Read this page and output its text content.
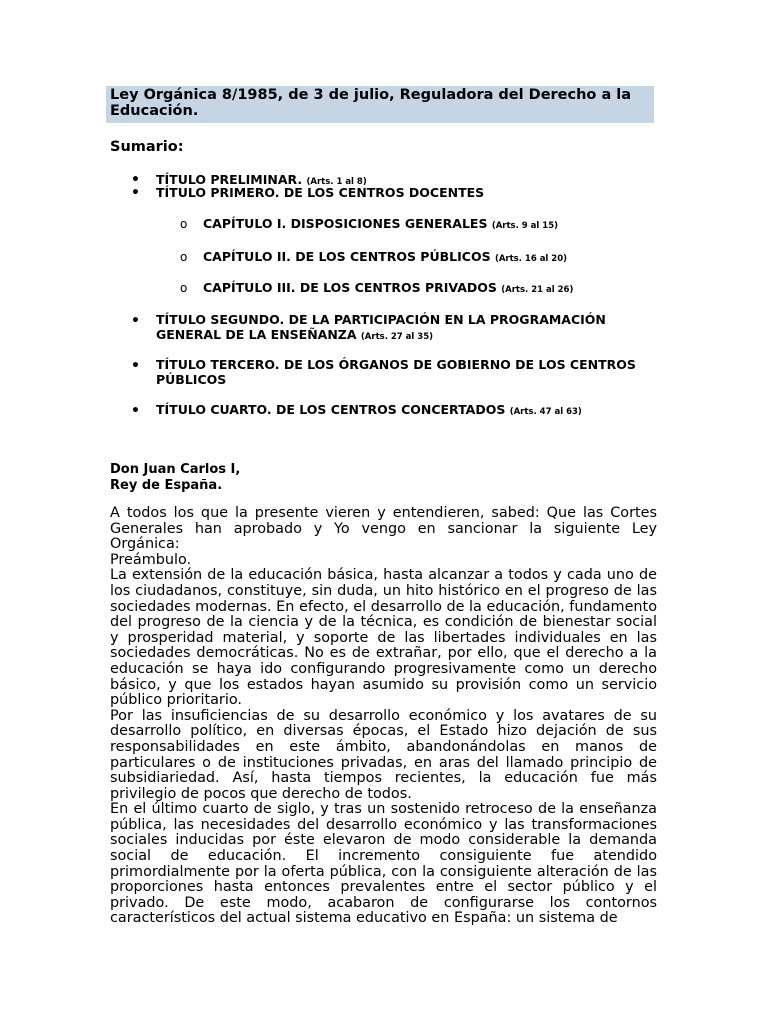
Ley Orgánica 8/1985, de 3 de julio, Reguladora del Derecho a la Educación.
Sumario:
• TÍTULO PRELIMINAR. (Arts. 1 al 8)
• TÍTULO PRIMERO. DE LOS CENTROS DOCENTES
o CAPÍTULO I. DISPOSICIONES GENERALES (Arts. 9 al 15)
o CAPÍTULO II. DE LOS CENTROS PÚBLICOS (Arts. 16 al 20)
o CAPÍTULO III. DE LOS CENTROS PRIVADOS (Arts. 21 al 26)
• TÍTULO SEGUNDO. DE LA PARTICIPACIÓN EN LA PROGRAMACIÓN
GENERAL DE LA ENSEÑANZA (Arts. 27 al 35)
• TÍTULO TERCERO. DE LOS ÓRGANOS DE GOBIERNO DE LOS CENTROS
PÚBLICOS
• TÍTULO CUARTO. DE LOS CENTROS CONCERTADOS (Arts. 47 al 63)
Don Juan Carlos I,
Rey de España.

A todos los que la presente vieren y entendieren, sabed: Que las Cortes Generales han aprobado y Yo vengo en sancionar la siguiente Ley Orgánica:

Preámbulo.

La extensión de la educación básica, hasta alcanzar a todos y cada uno de los ciudadanos, constituye, sin duda, un hito histórico en el progreso de las sociedades modernas. En efecto, el desarrollo de la educación, fundamento del progreso de la ciencia y de la técnica, es condición de bienestar social y prosperidad material, y soporte de las libertades individuales en las sociedades democráticas. No es de extrañar, por ello, que el derecho a la educación se haya ido configurando progresivamente como un derecho básico, y que los estados hayan asumido su provisión como un servicio público prioritario.

Por las insuficiencias de su desarrollo económico y los avatares de su desarrollo político, en diversas épocas, el Estado hizo dejación de sus responsabilidades en este ámbito, abandonándolas en manos de particulares o de instituciones privadas, en aras del llamado principio de subsidiariedad. Así, hasta tiempos recientes, la educación fue más privilegio de pocos que derecho de todos.

En el último cuarto de siglo, y tras un sostenido retroceso de la enseñanza pública, las necesidades del desarrollo económico y las transformaciones sociales inducidas por éste elevaron de modo considerable la demanda social de educación. El incremento consiguiente fue atendido primordialmente por la oferta pública, con la consiguiente alteración de las proporciones hasta entonces prevalentes entre el sector público y el privado. De este modo, acabaron de configurarse los contornos característicos del actual sistema educativo en España: un sistema de
